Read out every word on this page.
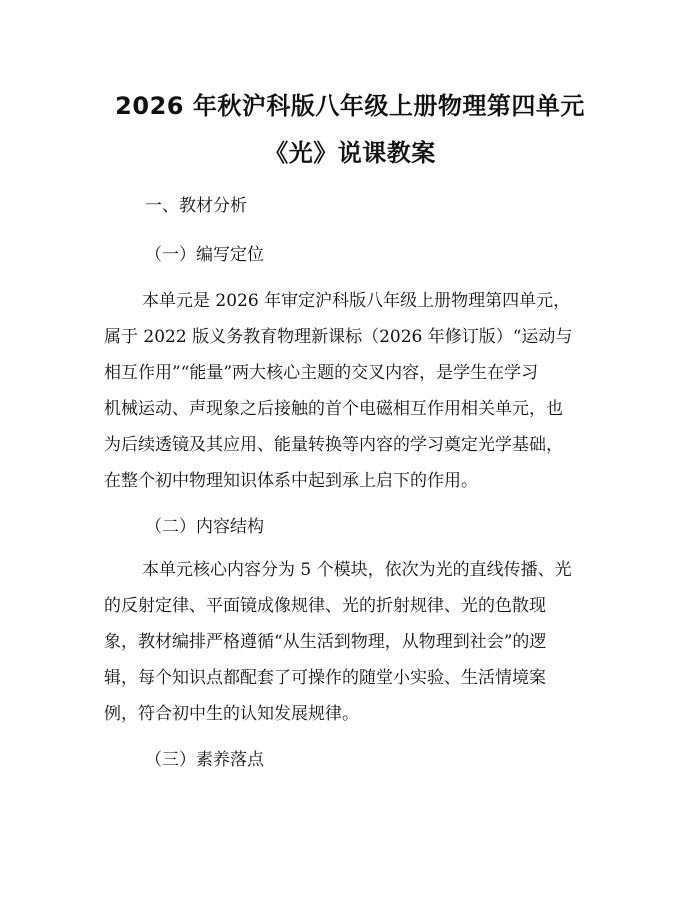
2026 年秋沪科版八年级上册物理第四单元
《光》说课教案

一、教材分析

（一）编写定位

本单元是 2026 年审定沪科版八年级上册物理第四单元，
属于 2022 版义务教育物理新课标（2026 年修订版）“运动与
相互作用”“能量”两大核心主题的交叉内容，是学生在学习
机械运动、声现象之后接触的首个电磁相互作用相关单元，也
为后续透镜及其应用、能量转换等内容的学习奠定光学基础，
在整个初中物理知识体系中起到承上启下的作用。

（二）内容结构

本单元核心内容分为 5 个模块，依次为光的直线传播、光
的反射定律、平面镜成像规律、光的折射规律、光的色散现
象，教材编排严格遵循“从生活到物理，从物理到社会”的逻
辑，每个知识点都配套了可操作的随堂小实验、生活情境案
例，符合初中生的认知发展规律。

（三）素养落点
